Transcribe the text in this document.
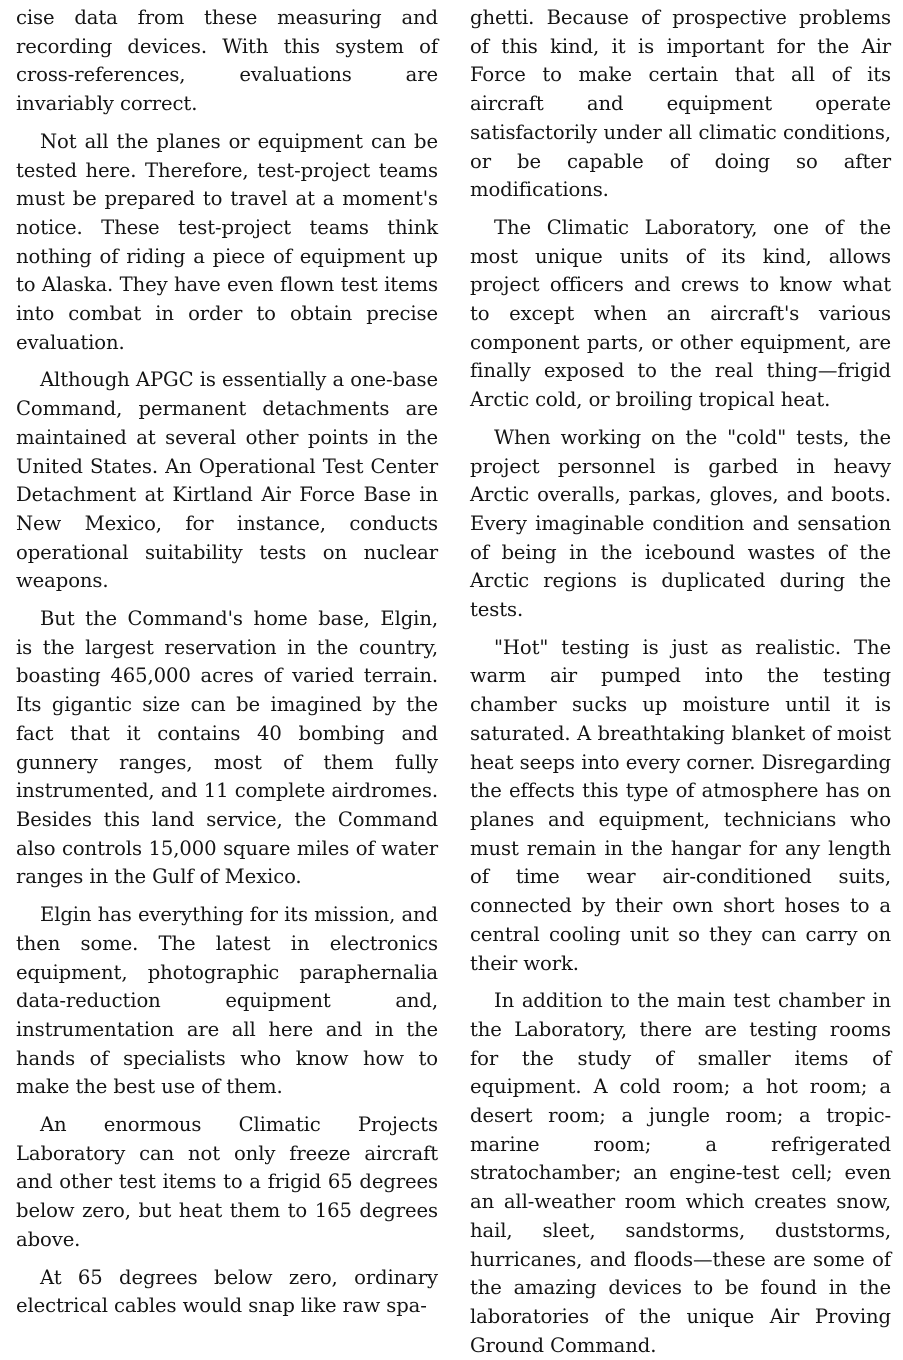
cise data from these measuring and recording devices. With this system of cross-references, evaluations are invariably correct.

Not all the planes or equipment can be tested here. Therefore, test-project teams must be prepared to travel at a moment's notice. These test-project teams think nothing of riding a piece of equipment up to Alaska. They have even flown test items into combat in order to obtain precise evaluation.

Although APGC is essentially a one-base Command, permanent detachments are maintained at several other points in the United States. An Operational Test Center Detachment at Kirtland Air Force Base in New Mexico, for instance, conducts operational suitability tests on nuclear weapons.

But the Command's home base, Elgin, is the largest reservation in the country, boasting 465,000 acres of varied terrain. Its gigantic size can be imagined by the fact that it contains 40 bombing and gunnery ranges, most of them fully instrumented, and 11 complete airdromes. Besides this land service, the Command also controls 15,000 square miles of water ranges in the Gulf of Mexico.

Elgin has everything for its mission, and then some. The latest in electronics equipment, photographic paraphernalia data-reduction equipment and, instrumentation are all here and in the hands of specialists who know how to make the best use of them.

An enormous Climatic Projects Laboratory can not only freeze aircraft and other test items to a frigid 65 degrees below zero, but heat them to 165 degrees above.

At 65 degrees below zero, ordinary electrical cables would snap like raw spa-

ghetti. Because of prospective problems of this kind, it is important for the Air Force to make certain that all of its aircraft and equipment operate satisfactorily under all climatic conditions, or be capable of doing so after modifications.

The Climatic Laboratory, one of the most unique units of its kind, allows project officers and crews to know what to except when an aircraft's various component parts, or other equipment, are finally exposed to the real thing—frigid Arctic cold, or broiling tropical heat.

When working on the "cold" tests, the project personnel is garbed in heavy Arctic overalls, parkas, gloves, and boots. Every imaginable condition and sensation of being in the icebound wastes of the Arctic regions is duplicated during the tests.

"Hot" testing is just as realistic. The warm air pumped into the testing chamber sucks up moisture until it is saturated. A breathtaking blanket of moist heat seeps into every corner. Disregarding the effects this type of atmosphere has on planes and equipment, technicians who must remain in the hangar for any length of time wear air-conditioned suits, connected by their own short hoses to a central cooling unit so they can carry on their work.

In addition to the main test chamber in the Laboratory, there are testing rooms for the study of smaller items of equipment. A cold room; a hot room; a desert room; a jungle room; a tropic-marine room; a refrigerated stratochamber; an engine-test cell; even an all-weather room which creates snow, hail, sleet, sandstorms, duststorms, hurricanes, and floods—these are some of the amazing devices to be found in the laboratories of the unique Air Proving Ground Command.
